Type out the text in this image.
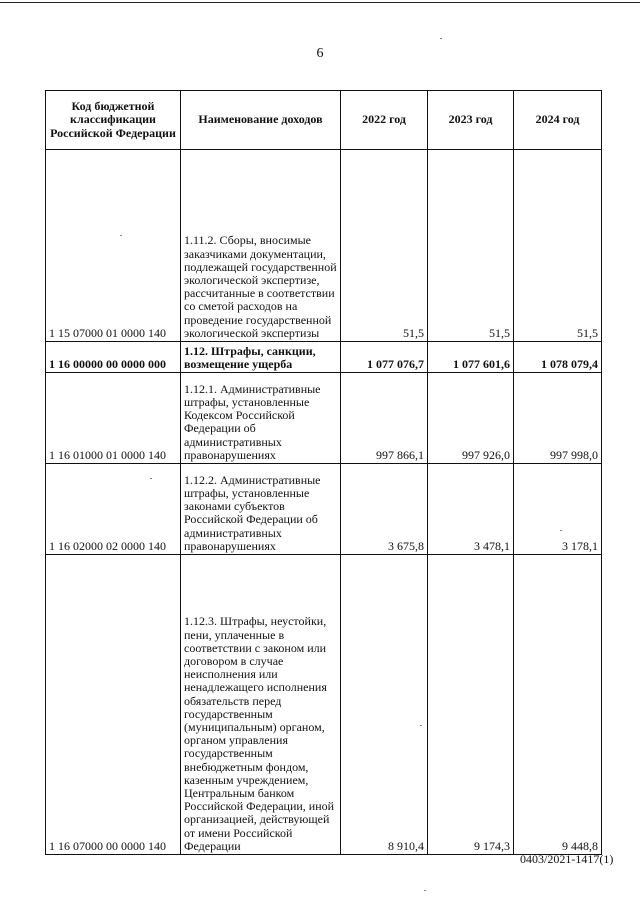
6
Код бюджетной классификации Российской Федерации	Наименование доходов	2022 год	2023 год	2024 год
1 15 07000 01 0000 140	1.11.2. Сборы, вносимые заказчиками документации, подлежащей государственной экологической экспертизе, рассчитанные в соответствии со сметой расходов на проведение государственной экологической экспертизы	51,5	51,5	51,5
1 16 00000 00 0000 000	1.12. Штрафы, санкции, возмещение ущерба	1 077 076,7	1 077 601,6	1 078 079,4
1 16 01000 01 0000 140	1.12.1. Административные штрафы, установленные Кодексом Российской Федерации об административных правонарушениях	997 866,1	997 926,0	997 998,0
1 16 02000 02 0000 140	1.12.2. Административные штрафы, установленные законами субъектов Российской Федерации об административных правонарушениях	3 675,8	3 478,1	3 178,1
1 16 07000 00 0000 140	1.12.3. Штрафы, неустойки, пени, уплаченные в соответствии с законом или договором в случае неисполнения или ненадлежащего исполнения обязательств перед государственным (муниципальным) органом, органом управления государственным внебюджетным фондом, казенным учреждением, Центральным банком Российской Федерации, иной организацией, действующей от имени Российской Федерации	8 910,4	9 174,3	9 448,8
0403/2021-1417(1)
